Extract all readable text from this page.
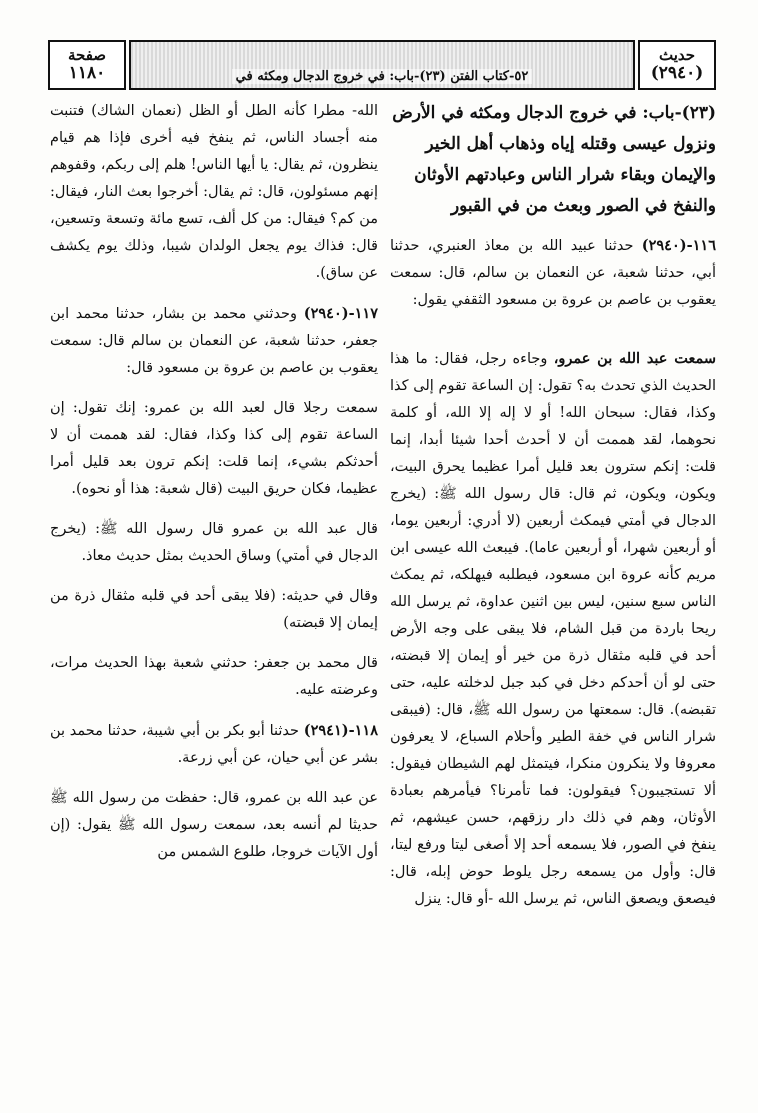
صفحة
١١٨٠	٥٢-كتاب الفتن (٢٣)-باب: في خروج الدجال ومكثه في
حديث
(٢٩٤٠)
(٢٣)-باب: في خروج الدجال ومكثه في الأرض ونزول عيسى وقتله إياه وذهاب أهل الخير والإيمان وبقاء شرار الناس وعبادتهم الأوثان والنفخ في الصور وبعث من في القبور

١١٦-(٢٩٤٠) حدثنا عبيد الله بن معاذ العنبري، حدثنا أبي، حدثنا شعبة، عن النعمان بن سالم، قال: سمعت يعقوب بن عاصم بن عروة بن مسعود الثقفي يقول:

سمعت عبد الله بن عمرو، وجاءه رجل، فقال: ما هذا الحديث الذي تحدث به؟ تقول: إن الساعة تقوم إلى كذا وكذا، فقال: سبحان الله! أو لا إله إلا الله، أو كلمة نحوهما، لقد هممت أن لا أحدث أحدا شيئا أبدا، إنما قلت: إنكم سترون بعد قليل أمرا عظيما يحرق البيت، ويكون، ويكون، ثم قال: قال رسول الله ﷺ: (يخرج الدجال في أمتي فيمكث أربعين (لا أدري: أربعين يوما، أو أربعين شهرا، أو أربعين عاما). فيبعث الله عيسى ابن مريم كأنه عروة ابن مسعود، فيطلبه فيهلكه، ثم يمكث الناس سبع سنين، ليس بين اثنين عداوة، ثم يرسل الله ريحا باردة من قبل الشام، فلا يبقى على وجه الأرض أحد في قلبه مثقال ذرة من خير أو إيمان إلا قبضته، حتى لو أن أحدكم دخل في كبد جبل لدخلته عليه، حتى تقبضه). قال: سمعتها من رسول الله ﷺ، قال: (فيبقى شرار الناس في خفة الطير وأحلام السباع، لا يعرفون معروفا ولا ينكرون منكرا، فيتمثل لهم الشيطان فيقول: ألا تستجيبون؟ فيقولون: فما تأمرنا؟ فيأمرهم بعبادة الأوثان، وهم في ذلك دار رزقهم، حسن عيشهم، ثم ينفخ في الصور، فلا يسمعه أحد إلا أصغى ليتا ورفع ليتا، قال: وأول من يسمعه رجل يلوط حوض إبله، قال: فيصعق ويصعق الناس، ثم يرسل الله -أو قال: ينزل

الله- مطرا كأنه الطل أو الظل (نعمان الشاك) فتنبت منه أجساد الناس، ثم ينفخ فيه أخرى فإذا هم قيام ينظرون، ثم يقال: يا أيها الناس! هلم إلى ربكم، وقفوهم إنهم مسئولون، قال: ثم يقال: أخرجوا بعث النار، فيقال: من كم؟ فيقال: من كل ألف، تسع مائة وتسعة وتسعين، قال: فذاك يوم يجعل الولدان شيبا، وذلك يوم يكشف عن ساق).

١١٧-(٢٩٤٠) وحدثني محمد بن بشار، حدثنا محمد ابن جعفر، حدثنا شعبة، عن النعمان بن سالم قال: سمعت يعقوب بن عاصم بن عروة بن مسعود قال:

سمعت رجلا قال لعبد الله بن عمرو: إنك تقول: إن الساعة تقوم إلى كذا وكذا، فقال: لقد هممت أن لا أحدثكم بشيء، إنما قلت: إنكم ترون بعد قليل أمرا عظيما، فكان حريق البيت (قال شعبة: هذا أو نحوه).

قال عبد الله بن عمرو قال رسول الله ﷺ: (يخرج الدجال في أمتي) وساق الحديث بمثل حديث معاذ.

وقال في حديثه: (فلا يبقى أحد في قلبه مثقال ذرة من إيمان إلا قبضته)

قال محمد بن جعفر: حدثني شعبة بهذا الحديث مرات، وعرضته عليه.

١١٨-(٢٩٤١) حدثنا أبو بكر بن أبي شيبة، حدثنا محمد بن بشر عن أبي حيان، عن أبي زرعة.

عن عبد الله بن عمرو، قال: حفظت من رسول الله ﷺ حديثا لم أنسه بعد، سمعت رسول الله ﷺ يقول: (إن أول الآيات خروجا، طلوع الشمس من
